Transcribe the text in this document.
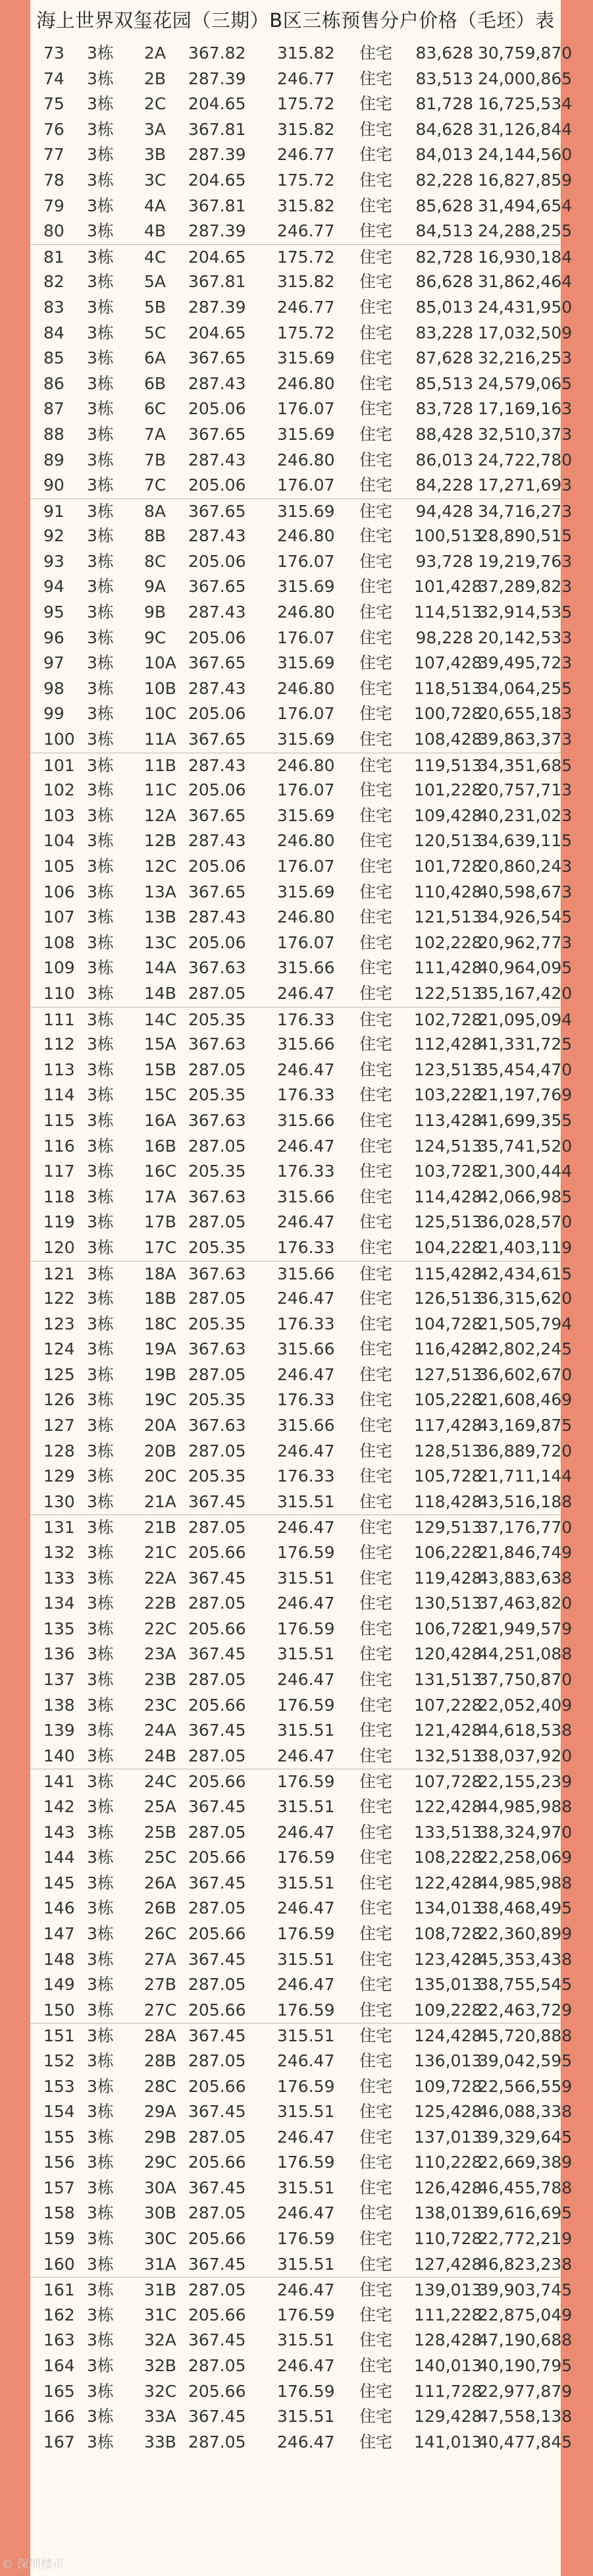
海上世界双玺花园（三期）B区三栋预售分户价格（毛坯）表
73 3栋 2A 367.82 315.82 住宅 83,628 30,759,870
74 3栋 2B 287.39 246.77 住宅 83,513 24,000,865
75 3栋 2C 204.65 175.72 住宅 81,728 16,725,534
76 3栋 3A 367.81 315.82 住宅 84,628 31,126,844
77 3栋 3B 287.39 246.77 住宅 84,013 24,144,560
78 3栋 3C 204.65 175.72 住宅 82,228 16,827,859
79 3栋 4A 367.81 315.82 住宅 85,628 31,494,654
80 3栋 4B 287.39 246.77 住宅 84,513 24,288,255
81 3栋 4C 204.65 175.72 住宅 82,728 16,930,184
82 3栋 5A 367.81 315.82 住宅 86,628 31,862,464
83 3栋 5B 287.39 246.77 住宅 85,013 24,431,950
84 3栋 5C 204.65 175.72 住宅 83,228 17,032,509
85 3栋 6A 367.65 315.69 住宅 87,628 32,216,253
86 3栋 6B 287.43 246.80 住宅 85,513 24,579,065
87 3栋 6C 205.06 176.07 住宅 83,728 17,169,163
88 3栋 7A 367.65 315.69 住宅 88,428 32,510,373
89 3栋 7B 287.43 246.80 住宅 86,013 24,722,780
90 3栋 7C 205.06 176.07 住宅 84,228 17,271,693
91 3栋 8A 367.65 315.69 住宅 94,428 34,716,273
92 3栋 8B 287.43 246.80 住宅 100,513
28,890,515
93 3栋 8C 205.06 176.07 住宅 93,728 19,219,763
94 3栋 9A 367.65 315.69 住宅 101,428
37,289,823
95 3栋 9B 287.43 246.80 住宅 114,513
32,914,535
96 3栋 9C 205.06 176.07 住宅 98,228 20,142,533
97 3栋 10A 367.65 315.69 住宅 107,428
39,495,723
98 3栋 10B 287.43 246.80 住宅 118,513
34,064,255
99 3栋 10C 205.06 176.07 住宅 100,728
20,655,183
100 3栋 11A 367.65 315.69 住宅 108,428
39,863,373
101 3栋 11B 287.43 246.80 住宅 119,513
34,351,685
102 3栋 11C 205.06 176.07 住宅 101,228
20,757,713
103 3栋 12A 367.65 315.69 住宅 109,428
40,231,023
104 3栋 12B 287.43 246.80 住宅 120,513
34,639,115
105 3栋 12C 205.06 176.07 住宅 101,728
20,860,243
106 3栋 13A 367.65 315.69 住宅 110,428
40,598,673
107 3栋 13B 287.43 246.80 住宅 121,513
34,926,545
108 3栋 13C 205.06 176.07 住宅 102,228
20,962,773
109 3栋 14A 367.63 315.66 住宅 111,428
40,964,095
110 3栋 14B 287.05 246.47 住宅 122,513
35,167,420
111 3栋 14C 205.35 176.33 住宅 102,728
21,095,094
112 3栋 15A 367.63 315.66 住宅 112,428
41,331,725
113 3栋 15B 287.05 246.47 住宅 123,513
35,454,470
114 3栋 15C 205.35 176.33 住宅 103,228
21,197,769
115 3栋 16A 367.63 315.66 住宅 113,428
41,699,355
116 3栋 16B 287.05 246.47 住宅 124,513
35,741,520
117 3栋 16C 205.35 176.33 住宅 103,728
21,300,444
118 3栋 17A 367.63 315.66 住宅 114,428
42,066,985
119 3栋 17B 287.05 246.47 住宅 125,513
36,028,570
120 3栋 17C 205.35 176.33 住宅 104,228
21,403,119
121 3栋 18A 367.63 315.66 住宅 115,428
42,434,615
122 3栋 18B 287.05 246.47 住宅 126,513
36,315,620
123 3栋 18C 205.35 176.33 住宅 104,728
21,505,794
124 3栋 19A 367.63 315.66 住宅 116,428
42,802,245
125 3栋 19B 287.05 246.47 住宅 127,513
36,602,670
126 3栋 19C 205.35 176.33 住宅 105,228
21,608,469
127 3栋 20A 367.63 315.66 住宅 117,428
43,169,875
128 3栋 20B 287.05 246.47 住宅 128,513
36,889,720
129 3栋 20C 205.35 176.33 住宅 105,728
21,711,144
130 3栋 21A 367.45 315.51 住宅 118,428
43,516,188
131 3栋 21B 287.05 246.47 住宅 129,513
37,176,770
132 3栋 21C 205.66 176.59 住宅 106,228
21,846,749
133 3栋 22A 367.45 315.51 住宅 119,428
43,883,638
134 3栋 22B 287.05 246.47 住宅 130,513
37,463,820
135 3栋 22C 205.66 176.59 住宅 106,728
21,949,579
136 3栋 23A 367.45 315.51 住宅 120,428
44,251,088
137 3栋 23B 287.05 246.47 住宅 131,513
37,750,870
138 3栋 23C 205.66 176.59 住宅 107,228
22,052,409
139 3栋 24A 367.45 315.51 住宅 121,428
44,618,538
140 3栋 24B 287.05 246.47 住宅 132,513
38,037,920
141 3栋 24C 205.66 176.59 住宅 107,728
22,155,239
142 3栋 25A 367.45 315.51 住宅 122,428
44,985,988
143 3栋 25B 287.05 246.47 住宅 133,513
38,324,970
144 3栋 25C 205.66 176.59 住宅 108,228
22,258,069
145 3栋 26A 367.45 315.51 住宅 122,428
44,985,988
146 3栋 26B 287.05 246.47 住宅 134,013
38,468,495
147 3栋 26C 205.66 176.59 住宅 108,728
22,360,899
148 3栋 27A 367.45 315.51 住宅 123,428
45,353,438
149 3栋 27B 287.05 246.47 住宅 135,013
38,755,545
150 3栋 27C 205.66 176.59 住宅 109,228
22,463,729
151 3栋 28A 367.45 315.51 住宅 124,428
45,720,888
152 3栋 28B 287.05 246.47 住宅 136,013
39,042,595
153 3栋 28C 205.66 176.59 住宅 109,728
22,566,559
154 3栋 29A 367.45 315.51 住宅 125,428
46,088,338
155 3栋 29B 287.05 246.47 住宅 137,013
39,329,645
156 3栋 29C 205.66 176.59 住宅 110,228
22,669,389
157 3栋 30A 367.45 315.51 住宅 126,428
46,455,788
158 3栋 30B 287.05 246.47 住宅 138,013
39,616,695
159 3栋 30C 205.66 176.59 住宅 110,728
22,772,219
160 3栋 31A 367.45 315.51 住宅 127,428
46,823,238
161 3栋 31B 287.05 246.47 住宅 139,013
39,903,745
162 3栋 31C 205.66 176.59 住宅 111,228
22,875,049
163 3栋 32A 367.45 315.51 住宅 128,428
47,190,688
164 3栋 32B 287.05 246.47 住宅 140,013
40,190,795
165 3栋 32C 205.66 176.59 住宅 111,728
22,977,879
166 3栋 33A 367.45 315.51 住宅 129,428
47,558,138
167 3栋 33B 287.05 246.47 住宅 141,013
40,477,845
© 深圳楼市
